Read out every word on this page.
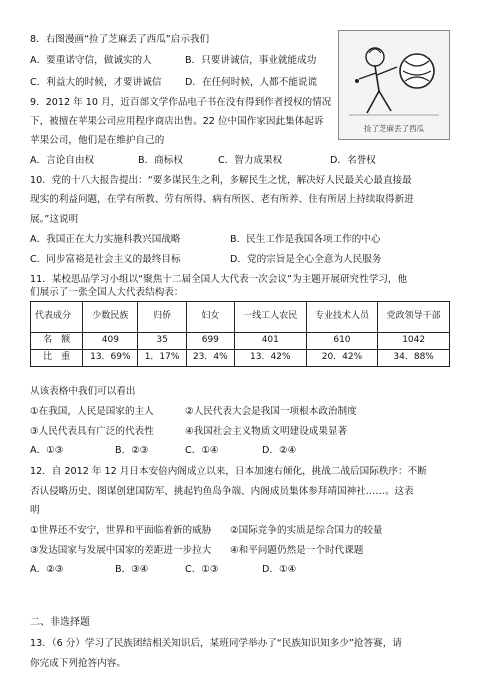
8．右图漫画“捡了芝麻丢了西瓜”启示我们
A．要重诺守信，做诚实的人	B．只要讲诚信，事业就能成功
C．利益大的时候，才要讲诚信 D．在任何时候，人都不能说谎
9．2012 年 10 月，近百部文学作品电子书在没有得到作者授权的情况
下，被擅在苹果公司应用程序商店出售。22 位中国作家因此集体起诉
苹果公司，他们是在维护自己的
A．言论自由权	B．商标权	C．智力成果权	D．名誉权
10．党的十八大报告提出：“要多谋民生之利，多解民生之忧，解决好人民最关心最直接最
现实的利益问题，在学有所教、劳有所得、病有所医、老有所养、住有所居上持续取得新进
展。”这说明
A．我国正在大力实施科教兴国战略	B．民生工作是我国各项工作的中心
C．同步富裕是社会主义的最终目标	D．党的宗旨是全心全意为人民服务
11．某校思品学习小组以“聚焦十二届全国人大代表一次会议”为主题开展研究性学习，他
们展示了一张全国人大代表结构表：
代表成分	少数民族	归侨	妇女	一线工人农民	专业技术人员	党政领导干部
名　额	409	35	699	401	610	1042
比　重	13．69%	1．17%	23．4%	13．42%	20．42%	34．88%
从该表格中我们可以看出
①在我国，人民是国家的主人	②人民代表大会是我国一项根本政治制度
③人民代表具有广泛的代表性	④我国社会主义物质文明建设成果显著
A．①③	B．②③	C．①④	D．②④
12．自 2012 年 12 月日本安倍内阁成立以来，日本加速右倾化，挑战二战后国际秩序：不断
否认侵略历史、图谋创建国防军、挑起钓鱼岛争端、内阁成员集体参拜靖国神社……。这表
明
①世界还不安宁，世界和平面临着新的威胁 ②国际竞争的实质是综合国力的较量
③发达国家与发展中国家的差距进一步拉大 ④和平问题仍然是一个时代课题
A．②③	B．③④	C．①③	D．①④
二、非选择题
13．（6 分）学习了民族团结相关知识后，某班同学举办了“民族知识知多少”抢答赛，请
你完成下列抢答内容。
捡了芝麻丢了西瓜
